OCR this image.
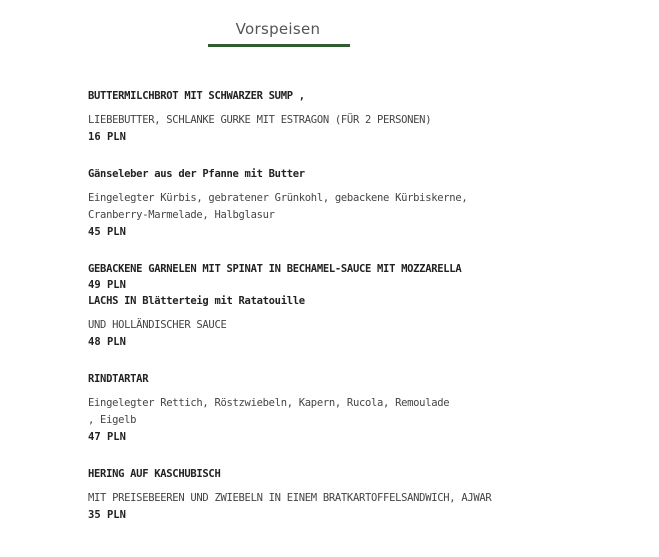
Vorspeisen
BUTTERMILCHBROT MIT SCHWARZER SUMP ,
LIEBEBUTTER, SCHLANKE GURKE MIT ESTRAGON (FÜR 2 PERSONEN)
16 PLN
Gänseleber aus der Pfanne mit Butter
Eingelegter Kürbis, gebratener Grünkohl, gebackene Kürbiskerne,
Cranberry-Marmelade, Halbglasur
45 PLN
GEBACKENE GARNELEN MIT SPINAT IN BECHAMEL-SAUCE MIT MOZZARELLA
49 PLN
LACHS IN Blätterteig mit Ratatouille
UND HOLLÄNDISCHER SAUCE
48 PLN
RINDTARTAR
Eingelegter Rettich, Röstzwiebeln, Kapern, Rucola, Remoulade
, Eigelb
47 PLN
HERING AUF KASCHUBISCH
MIT PREISEBEEREN UND ZWIEBELN IN EINEM BRATKARTOFFELSANDWICH, AJWAR
35 PLN
